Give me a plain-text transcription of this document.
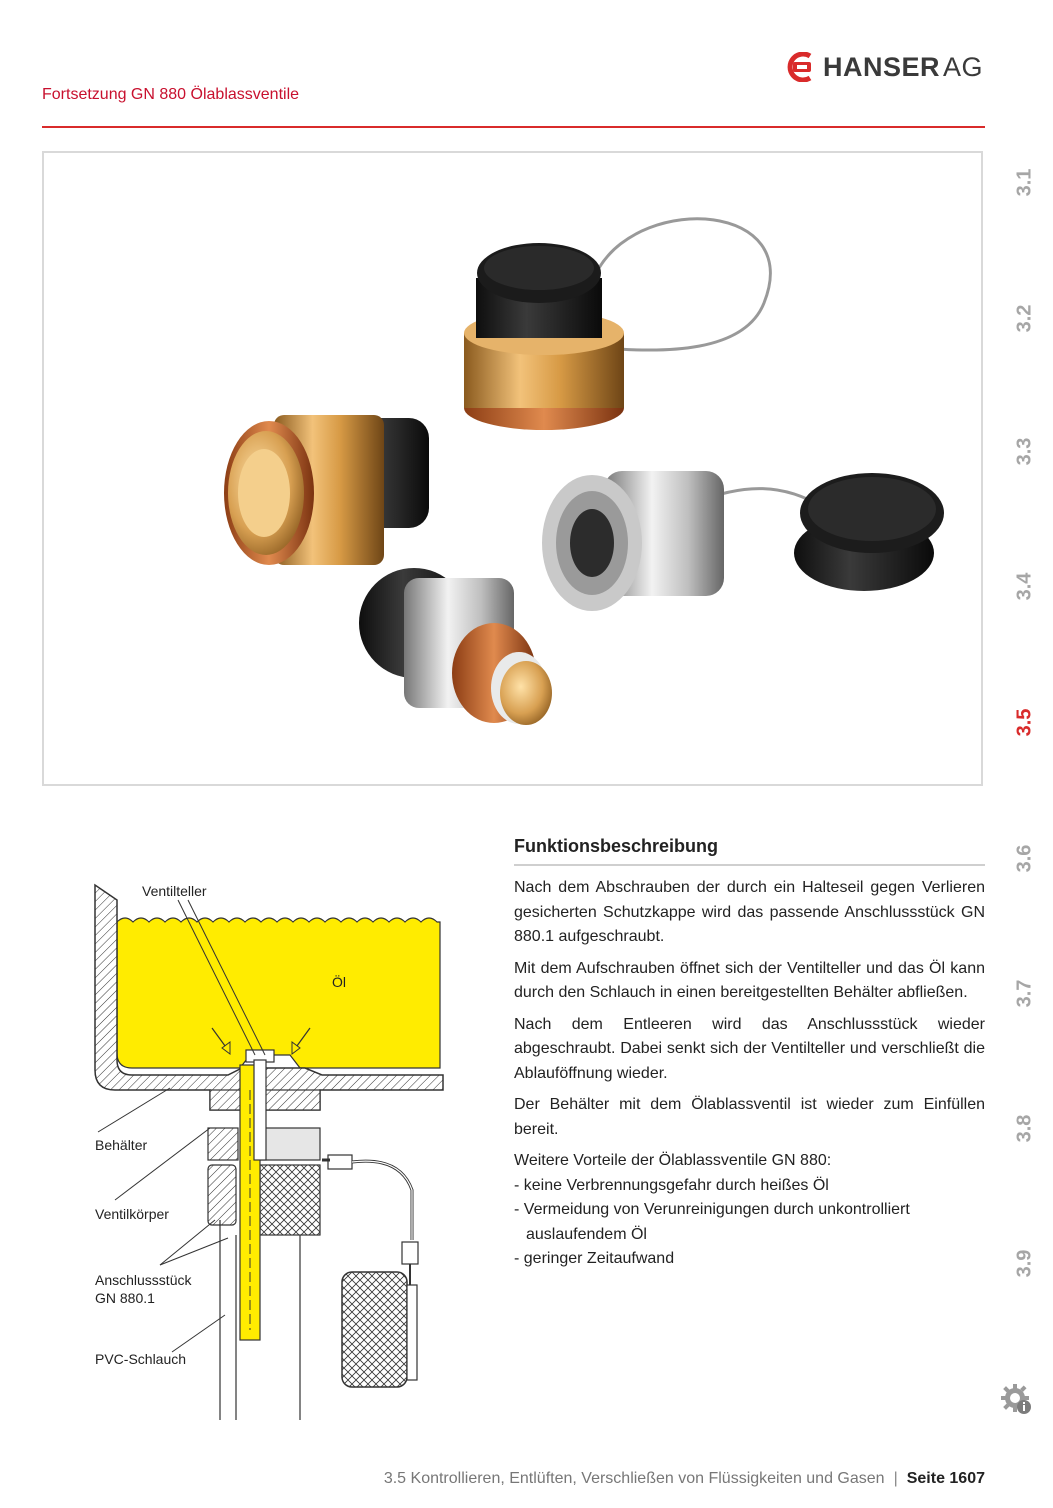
HANSER AG
Fortsetzung GN 880 Ölablassventile
3.1
3.2
3.3
3.4
3.5
3.6
3.7
3.8
3.9
Ventilteller
Öl
Behälter
Ventilkörper
Anschlussstück
GN 880.1
PVC-Schlauch
Funktionsbeschreibung

Nach dem Abschrauben der durch ein Halteseil gegen Verlieren gesicherten Schutzkappe wird das passende Anschlussstück GN 880.1 aufgeschraubt.

Mit dem Aufschrauben öffnet sich der Ventilteller und das Öl kann durch den Schlauch in einen bereitgestellten Behälter abfließen.

Nach dem Entleeren wird das Anschlussstück wieder abgeschraubt. Dabei senkt sich der Ventilteller und verschließt die Ablauföffnung wieder.

Der Behälter mit dem Ölablassventil ist wieder zum Einfüllen bereit.

Weitere Vorteile der Ölablassventile GN 880:
- keine Verbrennungsgefahr durch heißes Öl
- Vermeidung von Verunreinigungen durch unkontrolliert auslaufendem Öl
- geringer Zeitaufwand
3.5 Kontrollieren, Entlüften, Verschließen von Flüssigkeiten und Gasen | Seite 1607
